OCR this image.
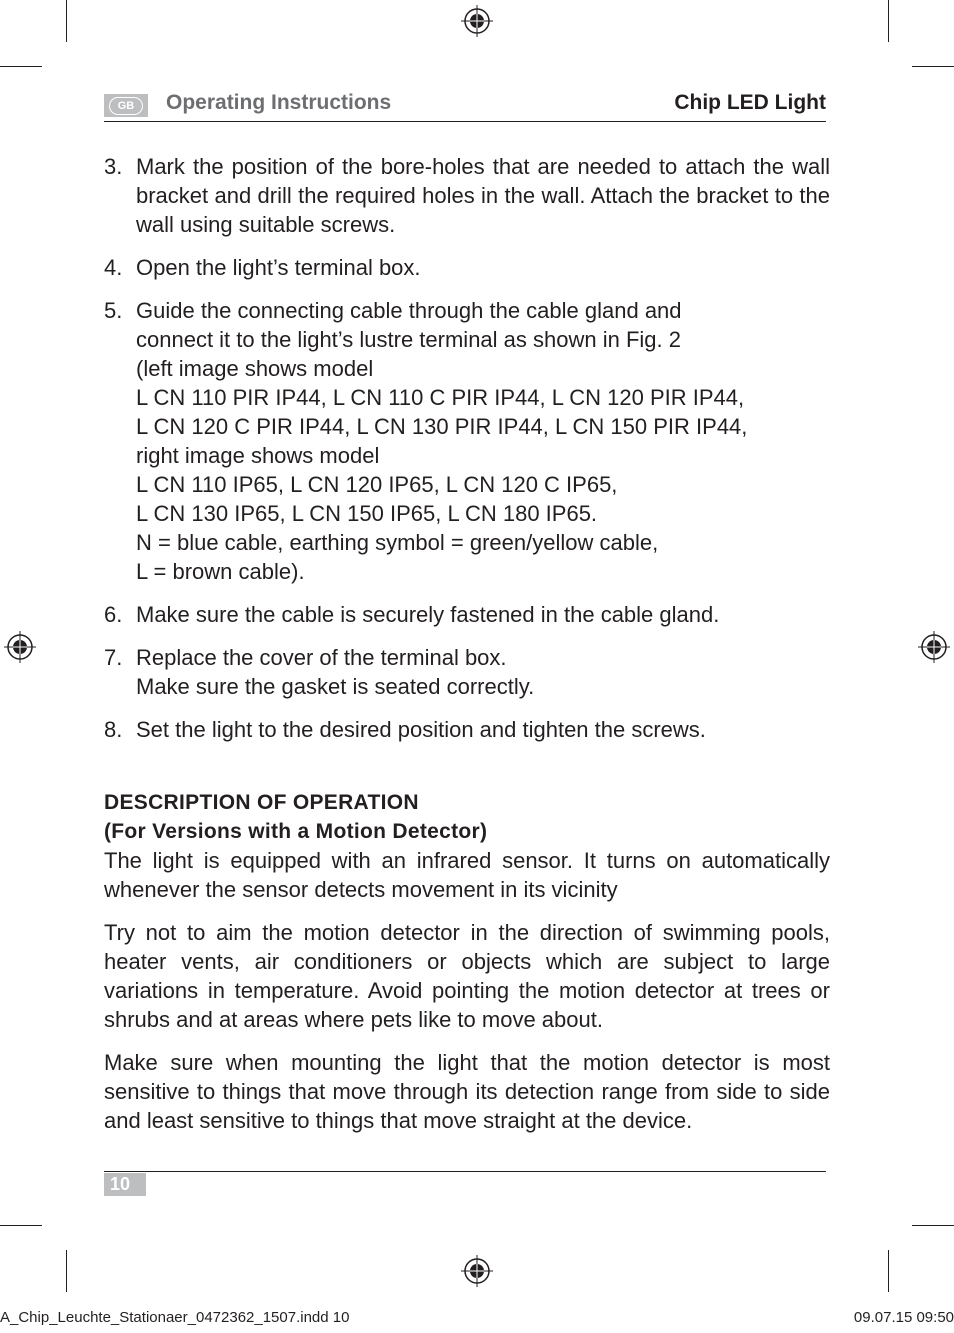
GB	Operating Instructions	Chip LED Light
3. Mark the position of the bore-holes that are needed to attach the wall bracket and drill the required holes in the wall. Attach the bracket to the wall using suitable screws.
4. Open the light’s terminal box.
5. Guide the connecting cable through the cable gland and
connect it to the light’s lustre terminal as shown in Fig. 2
(left image shows model
L CN 110 PIR IP44, L CN 110 C PIR IP44, L CN 120 PIR IP44,
L CN 120 C PIR IP44, L CN 130 PIR IP44, L CN 150 PIR IP44,
right image shows model
L CN 110 IP65, L CN 120 IP65, L CN 120 C IP65,
L CN 130 IP65, L CN 150 IP65, L CN 180 IP65.
N = blue cable, earthing symbol = green/yellow cable,
L = brown cable).
6. Make sure the cable is securely fastened in the cable gland.
7. Replace the cover of the terminal box.
Make sure the gasket is seated correctly.
8. Set the light to the desired position and tighten the screws.
DESCRIPTION OF OPERATION
(For Versions with a Motion Detector)
The light is equipped with an infrared sensor. It turns on automatically whenever the sensor detects movement in its vicinity
Try not to aim the motion detector in the direction of swimming pools, heater vents, air conditioners or objects which are subject to large variations in temperature. Avoid pointing the motion detector at trees or shrubs and at areas where pets like to move about.
Make sure when mounting the light that the motion detector is most sensitive to things that move through its detection range from side to side and least sensitive to things that move straight at the device.
10
A_Chip_Leuchte_Stationaer_0472362_1507.indd 10	09.07.15 09:50
